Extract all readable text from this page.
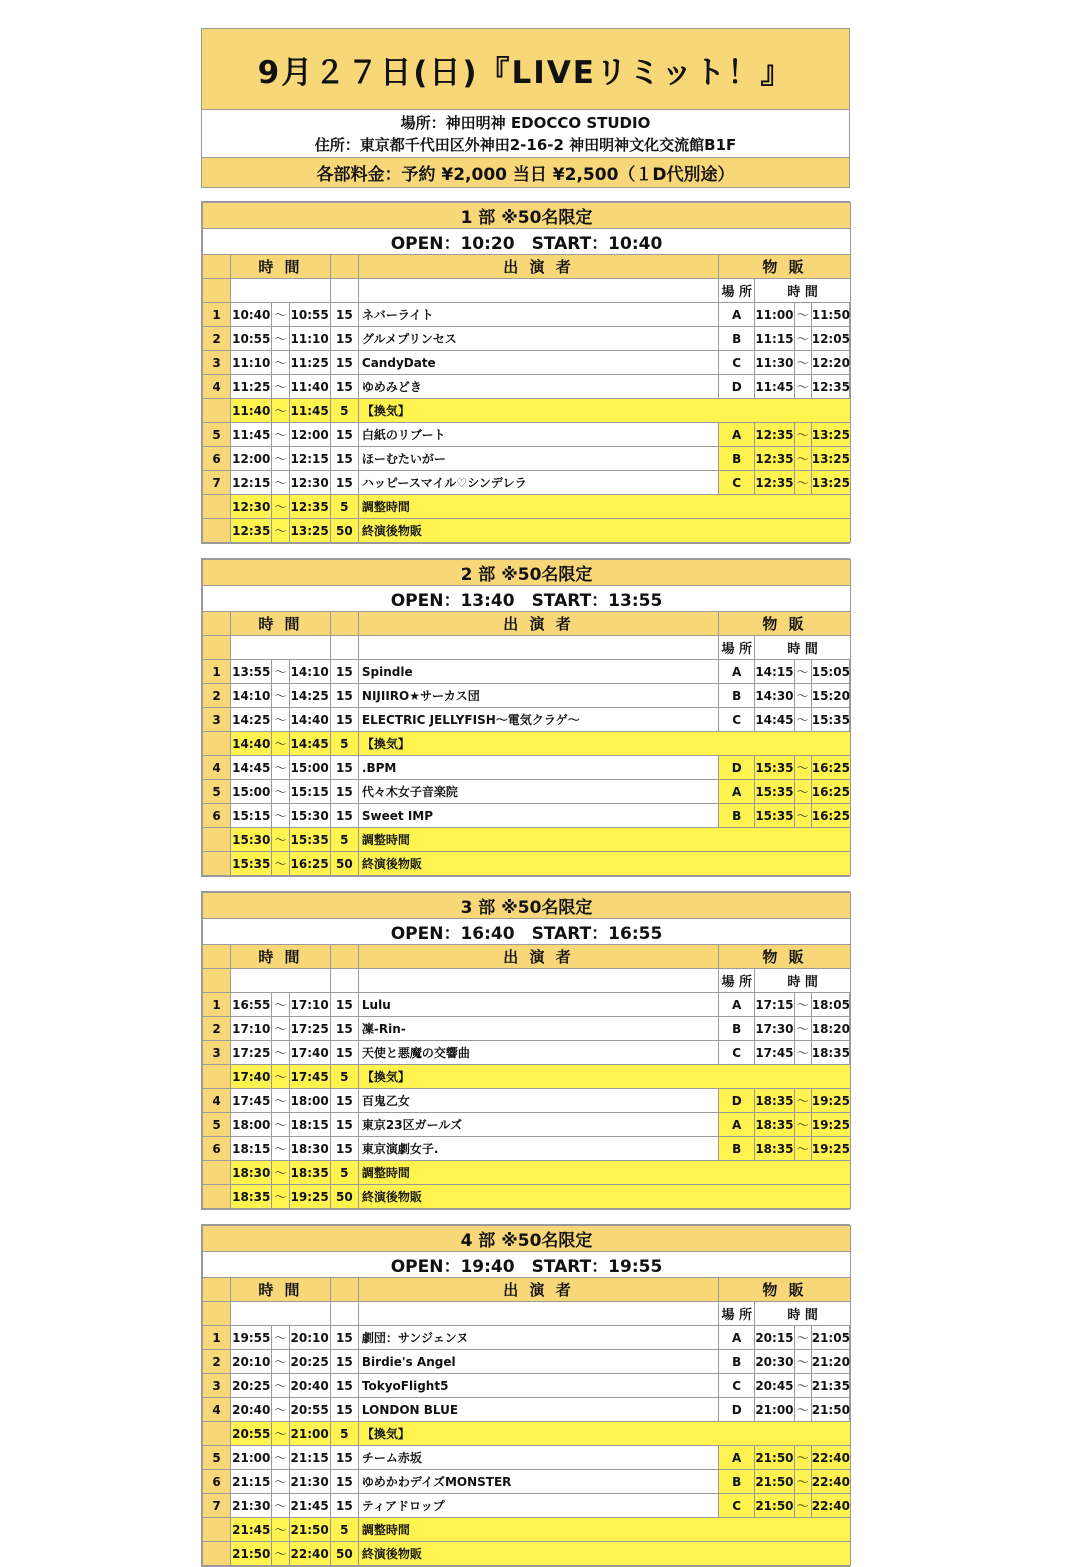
9月２７日(日)『LIVEリミット！』
場所：神田明神 EDOCCO STUDIO
住所：東京都千代田区外神田2-16-2 神田明神文化交流館B1F
各部料金：予約 ¥2,000 当日 ¥2,500（１D代別途）
1 部 ※50名限定									
OPEN：10:20　START：10:40									
	時 間				出 演 者	物 販			
						場 所	時 間		
1	10:40	～	10:55	15	ネバーライト	A	11:00	～	11:50
2	10:55	～	11:10	15	グルメプリンセス	B	11:15	～	12:05
3	11:10	～	11:25	15	CandyDate	C	11:30	～	12:20
4	11:25	～	11:40	15	ゆめみどき	D	11:45	～	12:35
	11:40	～	11:45	5	【換気】				
5	11:45	～	12:00	15	白紙のリブート	A	12:35	～	13:25
6	12:00	～	12:15	15	ほーむたいがー	B	12:35	～	13:25
7	12:15	～	12:30	15	ハッピースマイル♡シンデレラ	C	12:35	～	13:25
	12:30	～	12:35	5	調整時間				
	12:35	～	13:25	50	終演後物販				
2 部 ※50名限定									
OPEN：13:40　START：13:55									
	時 間				出 演 者	物 販			
						場 所	時 間		
1	13:55	～	14:10	15	Spindle	A	14:15	～	15:05
2	14:10	～	14:25	15	NIJIIRO★サーカス団	B	14:30	～	15:20
3	14:25	～	14:40	15	ELECTRIC JELLYFISH～電気クラゲ～	C	14:45	～	15:35
	14:40	～	14:45	5	【換気】				
4	14:45	～	15:00	15	.BPM	D	15:35	～	16:25
5	15:00	～	15:15	15	代々木女子音楽院	A	15:35	～	16:25
6	15:15	～	15:30	15	Sweet IMP	B	15:35	～	16:25
	15:30	～	15:35	5	調整時間				
	15:35	～	16:25	50	終演後物販				
3 部 ※50名限定									
OPEN：16:40　START：16:55									
	時 間				出 演 者	物 販			
						場 所	時 間		
1	16:55	～	17:10	15	Lulu	A	17:15	～	18:05
2	17:10	～	17:25	15	凜-Rin-	B	17:30	～	18:20
3	17:25	～	17:40	15	天使と悪魔の交響曲	C	17:45	～	18:35
	17:40	～	17:45	5	【換気】				
4	17:45	～	18:00	15	百鬼乙女	D	18:35	～	19:25
5	18:00	～	18:15	15	東京23区ガールズ	A	18:35	～	19:25
6	18:15	～	18:30	15	東京演劇女子.	B	18:35	～	19:25
	18:30	～	18:35	5	調整時間				
	18:35	～	19:25	50	終演後物販				
4 部 ※50名限定									
OPEN：19:40　START：19:55									
	時 間				出 演 者	物 販			
						場 所	時 間		
1	19:55	～	20:10	15	劇団：サンジェンヌ	A	20:15	～	21:05
2	20:10	～	20:25	15	Birdie's Angel	B	20:30	～	21:20
3	20:25	～	20:40	15	TokyoFlight5	C	20:45	～	21:35
4	20:40	～	20:55	15	LONDON BLUE	D	21:00	～	21:50
	20:55	～	21:00	5	【換気】				
5	21:00	～	21:15	15	チーム赤坂	A	21:50	～	22:40
6	21:15	～	21:30	15	ゆめかわデイズMONSTER	B	21:50	～	22:40
7	21:30	～	21:45	15	ティアドロップ	C	21:50	～	22:40
	21:45	～	21:50	5	調整時間				
	21:50	～	22:40	50	終演後物販				
